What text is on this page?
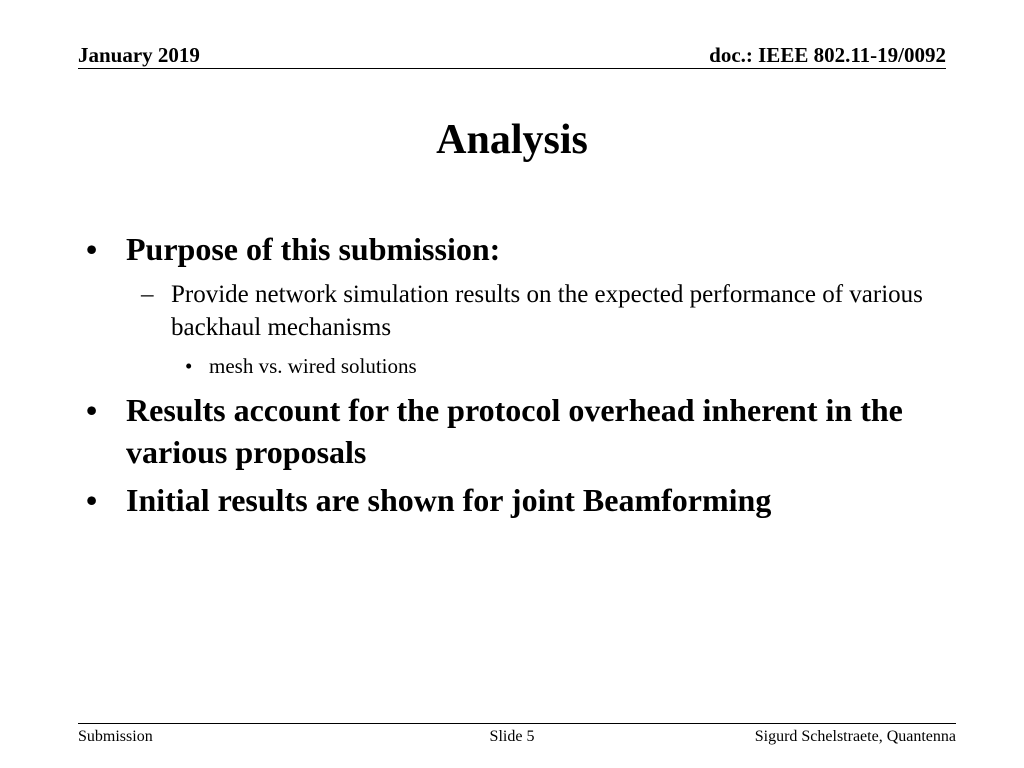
January 2019	doc.: IEEE 802.11-19/0092
Analysis
• Purpose of this submission:
– Provide network simulation results on the expected performance of various backhaul mechanisms
• mesh vs. wired solutions
• Results account for the protocol overhead inherent in the various proposals
• Initial results are shown for joint Beamforming
Submission	Slide 5	Sigurd Schelstraete, Quantenna
